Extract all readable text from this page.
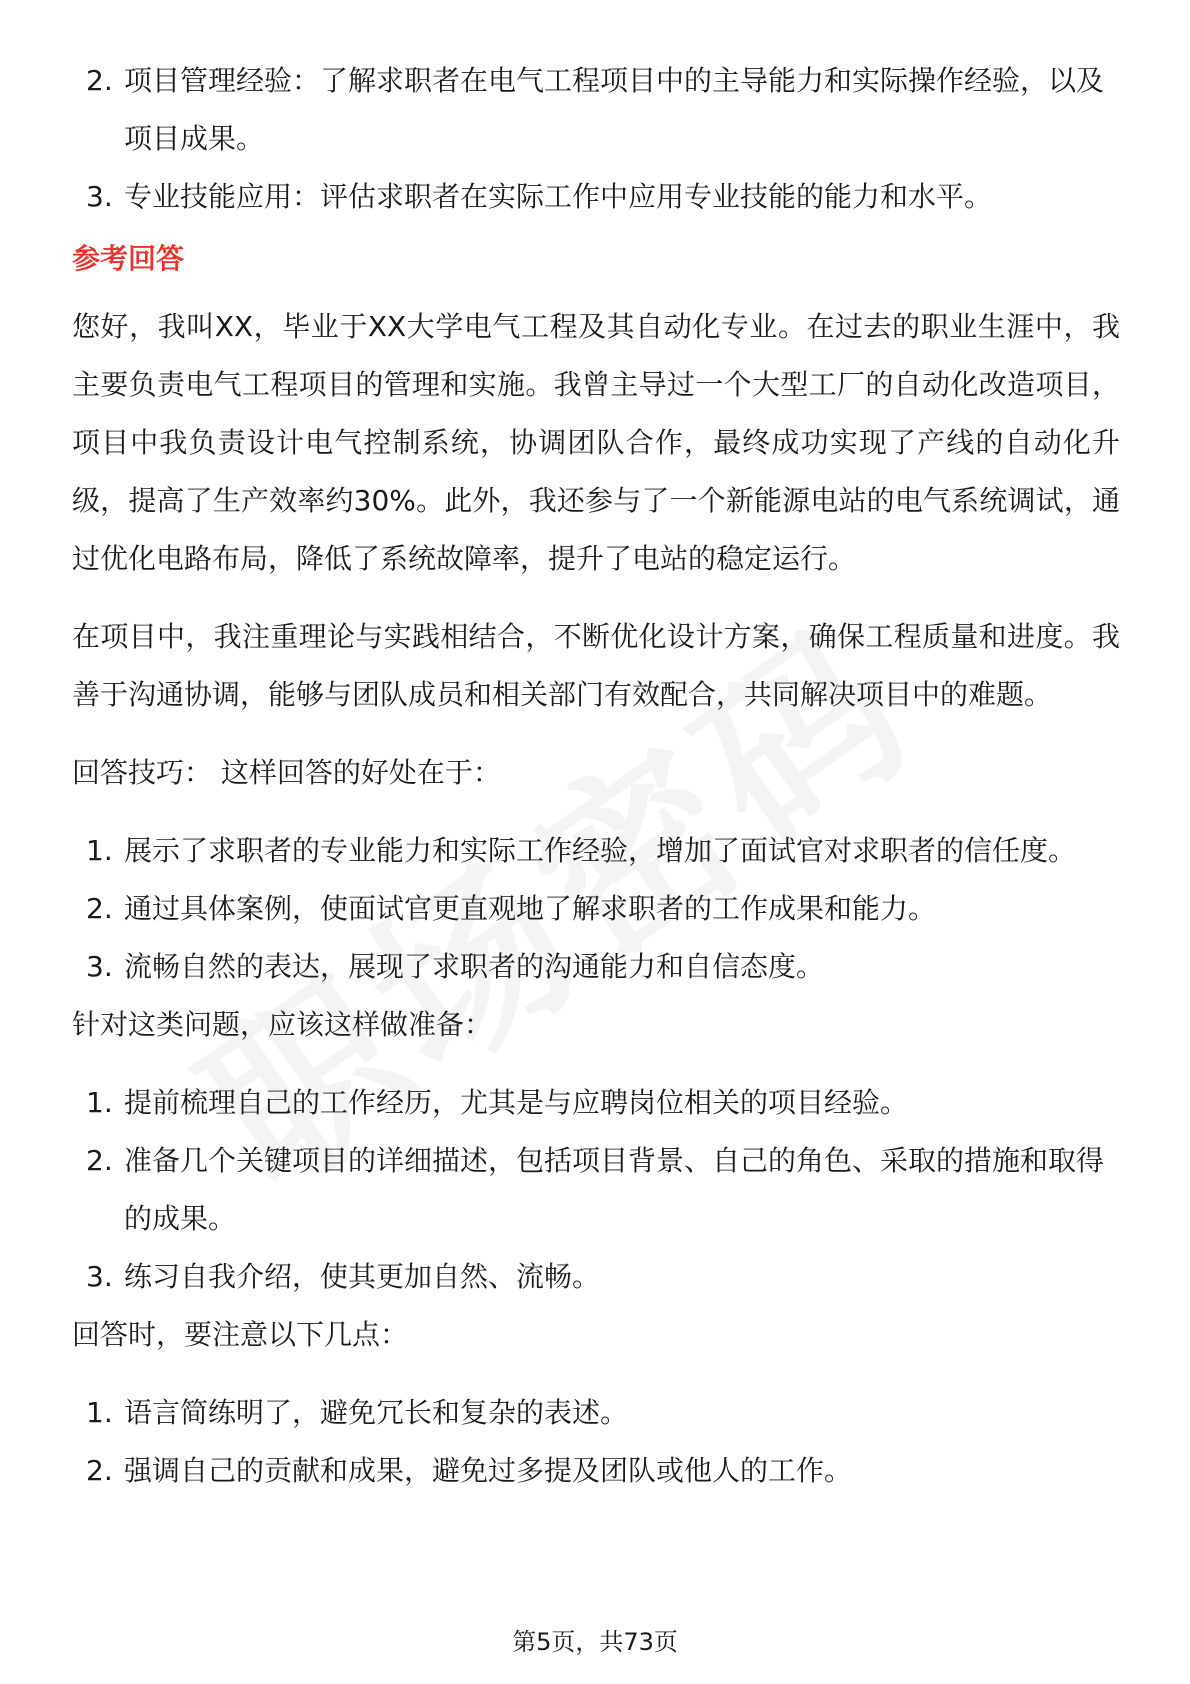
2. 项目管理经验：了解求职者在电气工程项目中的主导能力和实际操作经验，以及项目成果。
3. 专业技能应用：评估求职者在实际工作中应用专业技能的能力和水平。
参考回答

您好，我叫XX，毕业于XX大学电气工程及其自动化专业。在过去的职业生涯中，我主要负责电气工程项目的管理和实施。我曾主导过一个大型工厂的自动化改造项目，项目中我负责设计电气控制系统，协调团队合作，最终成功实现了产线的自动化升级，提高了生产效率约30%。此外，我还参与了一个新能源电站的电气系统调试，通过优化电路布局，降低了系统故障率，提升了电站的稳定运行。

在项目中，我注重理论与实践相结合，不断优化设计方案，确保工程质量和进度。我善于沟通协调，能够与团队成员和相关部门有效配合，共同解决项目中的难题。

回答技巧： 这样回答的好处在于：
1. 展示了求职者的专业能力和实际工作经验，增加了面试官对求职者的信任度。
2. 通过具体案例，使面试官更直观地了解求职者的工作成果和能力。
3. 流畅自然的表达，展现了求职者的沟通能力和自信态度。
针对这类问题，应该这样做准备：
1. 提前梳理自己的工作经历，尤其是与应聘岗位相关的项目经验。
2. 准备几个关键项目的详细描述，包括项目背景、自己的角色、采取的措施和取得的成果。
3. 练习自我介绍，使其更加自然、流畅。
回答时，要注意以下几点：
1. 语言简练明了，避免冗长和复杂的表述。
2. 强调自己的贡献和成果，避免过多提及团队或他人的工作。
第5页，共73页
